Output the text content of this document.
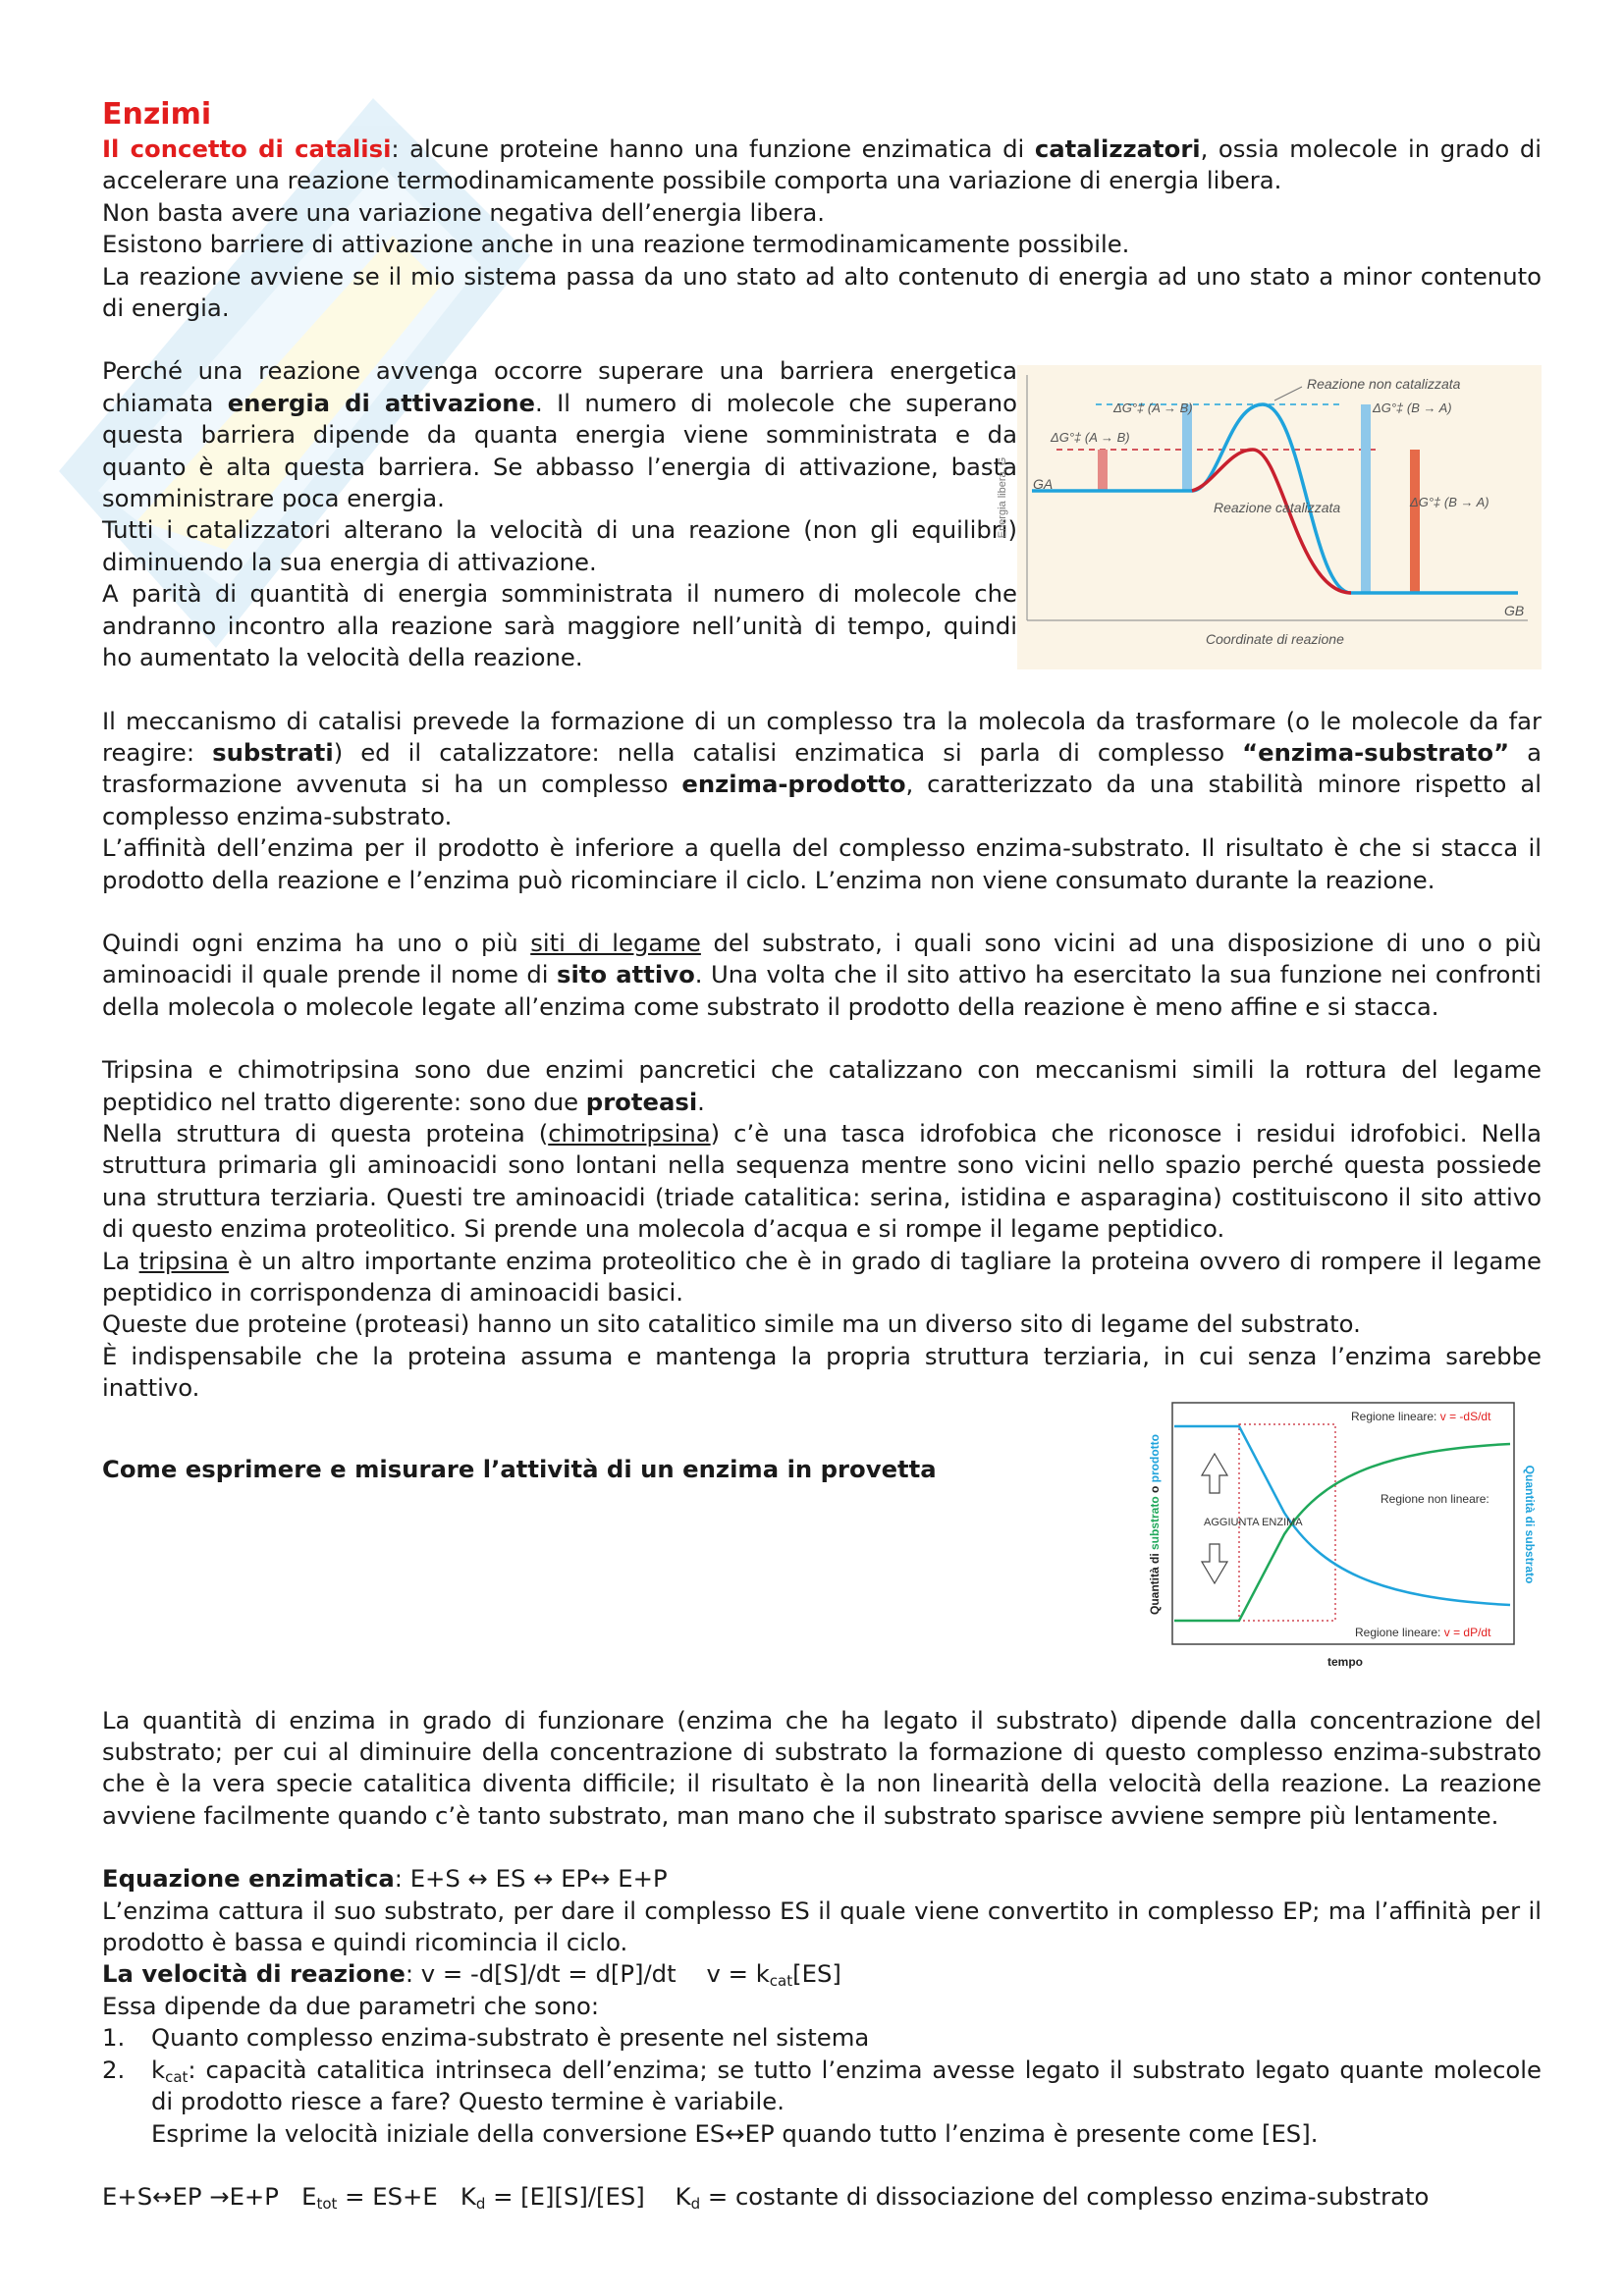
Enzimi

Il concetto di catalisi: alcune proteine hanno una funzione enzimatica di catalizzatori, ossia molecole in grado di accelerare una reazione termodinamicamente possibile comporta una variazione di energia libera.

Non basta avere una variazione negativa dell’energia libera.

Esistono barriere di attivazione anche in una reazione termodinamicamente possibile.

La reazione avviene se il mio sistema passa da uno stato ad alto contenuto di energia ad uno stato a minor contenuto di energia.

Perché una reazione avvenga occorre superare una barriera energetica chiamata energia di attivazione. Il numero di molecole che superano questa barriera dipende da quanta energia viene somministrata e da quanto è alta questa barriera. Se abbasso l’energia di attivazione, basta somministrare poca energia.

Tutti i catalizzatori alterano la velocità di una reazione (non gli equilibri) diminuendo la sua energia di attivazione.

A parità di quantità di energia somministrata il numero di molecole che andranno incontro alla reazione sarà maggiore nell’unità di tempo, quindi ho aumentato la velocità della reazione.

Energia libera, G
Reazione non catalizzata
Reazione catalizzata
ΔG°‡ (A → B)
ΔG°‡ (A → B)
ΔG°‡ (B → A)
ΔG°‡ (B → A)
GA
GB
Coordinate di reazione

Il meccanismo di catalisi prevede la formazione di un complesso tra la molecola da trasformare (o le molecole da far reagire: substrati) ed il catalizzatore: nella catalisi enzimatica si parla di complesso “enzima-substrato” a trasformazione avvenuta si ha un complesso enzima-prodotto, caratterizzato da una stabilità minore rispetto al complesso enzima-substrato.

L’affinità dell’enzima per il prodotto è inferiore a quella del complesso enzima-substrato. Il risultato è che si stacca il prodotto della reazione e l’enzima può ricominciare il ciclo. L’enzima non viene consumato durante la reazione.

Quindi ogni enzima ha uno o più siti di legame del substrato, i quali sono vicini ad una disposizione di uno o più aminoacidi il quale prende il nome di sito attivo. Una volta che il sito attivo ha esercitato la sua funzione nei confronti della molecola o molecole legate all’enzima come substrato il prodotto della reazione è meno affine e si stacca.

Tripsina e chimotripsina sono due enzimi pancretici che catalizzano con meccanismi simili la rottura del legame peptidico nel tratto digerente: sono due proteasi.

Nella struttura di questa proteina (chimotripsina) c’è una tasca idrofobica che riconosce i residui idrofobici. Nella struttura primaria gli aminoacidi sono lontani nella sequenza mentre sono vicini nello spazio perché questa possiede una struttura terziaria. Questi tre aminoacidi (triade catalitica: serina, istidina e asparagina) costituiscono il sito attivo di questo enzima proteolitico. Si prende una molecola d’acqua e si rompe il legame peptidico.

La tripsina è un altro importante enzima proteolitico che è in grado di tagliare la proteina ovvero di rompere il legame peptidico in corrispondenza di aminoacidi basici.

Queste due proteine (proteasi) hanno un sito catalitico simile ma un diverso sito di legame del substrato.

È indispensabile che la proteina assuma e mantenga la propria struttura terziaria, in cui senza l’enzima sarebbe inattivo.

Come esprimere e misurare l’attività di un enzima in provetta

Regione lineare: v = -dS/dt
Regione non lineare:
Regione lineare: v = dP/dt
AGGIUNTA ENZIMA
tempo
Quantità di substrato o prodotto
Quantità di substrato

La quantità di enzima in grado di funzionare (enzima che ha legato il substrato) dipende dalla concentrazione del substrato; per cui al diminuire della concentrazione di substrato la formazione di questo complesso enzima-substrato che è la vera specie catalitica diventa difficile; il risultato è la non linearità della velocità della reazione. La reazione avviene facilmente quando c’è tanto substrato, man mano che il substrato sparisce avviene sempre più lentamente.

Equazione enzimatica: E+S ↔ ES ↔ EP↔ E+P

L’enzima cattura il suo substrato, per dare il complesso ES il quale viene convertito in complesso EP; ma l’affinità per il prodotto è bassa e quindi ricomincia il ciclo.

La velocità di reazione: v = -d[S]/dt = d[P]/dt    $v = k_{cat}[ES]$

Essa dipende da due parametri che sono:

1.	Quanto complesso enzima-substrato è presente nel sistema
2.	$k_{cat}$: capacità catalitica intrinseca dell’enzima; se tutto l’enzima avesse legato il substrato legato quante molecole di prodotto riesce a fare? Questo termine è variabile.
Esprime la velocità iniziale della conversione ES↔EP quando tutto l’enzima è presente come [ES].

E+S↔EP →E+P   $E_{tot} = ES+E$   $K_d = [E][S]/[ES]$    $K_d$ = costante di dissociazione del complesso enzima-substrato
